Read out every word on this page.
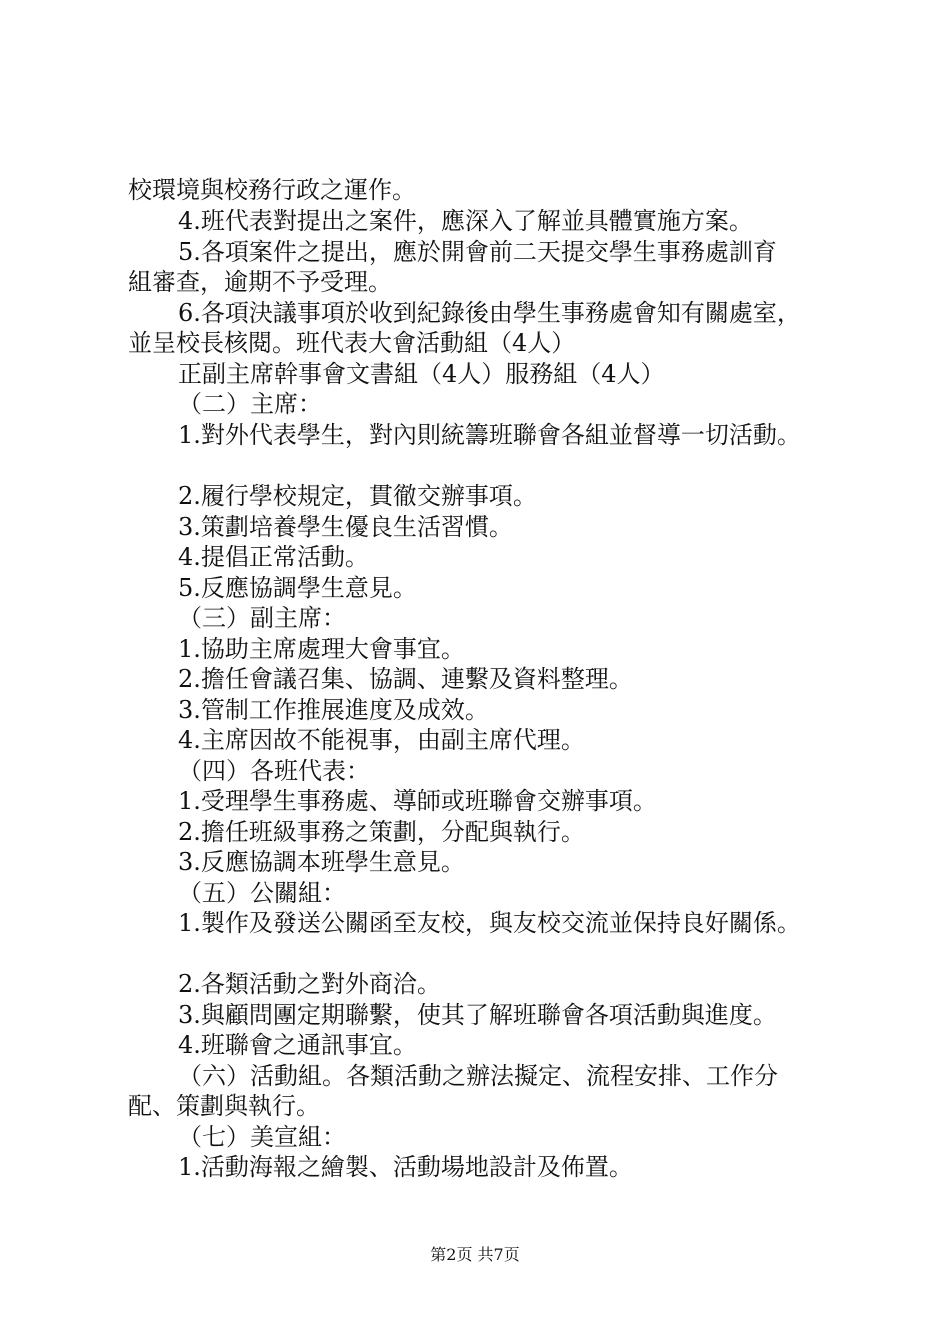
校環境與校務行政之運作。
4.班代表對提出之案件，應深入了解並具體實施方案。
5.各項案件之提出，應於開會前二天提交學生事務處訓育
組審查，逾期不予受理。
6.各項決議事項於收到紀錄後由學生事務處會知有關處室，
並呈校長核閱。班代表大會活動組（4人）
正副主席幹事會文書組（4人）服務組（4人）
（二）主席：
1.對外代表學生，對內則統籌班聯會各組並督導一切活動。
2.履行學校規定，貫徹交辦事項。
3.策劃培養學生優良生活習慣。
4.提倡正常活動。
5.反應協調學生意見。
（三）副主席：
1.協助主席處理大會事宜。
2.擔任會議召集、協調、連繫及資料整理。
3.管制工作推展進度及成效。
4.主席因故不能視事，由副主席代理。
（四）各班代表：
1.受理學生事務處、導師或班聯會交辦事項。
2.擔任班級事務之策劃，分配與執行。
3.反應協調本班學生意見。
（五）公關組：
1.製作及發送公關函至友校，與友校交流並保持良好關係。
2.各類活動之對外商洽。
3.與顧問團定期聯繫，使其了解班聯會各項活動與進度。
4.班聯會之通訊事宜。
（六）活動組。各類活動之辦法擬定、流程安排、工作分
配、策劃與執行。
（七）美宣組：
1.活動海報之繪製、活動場地設計及佈置。
第2页 共7页
